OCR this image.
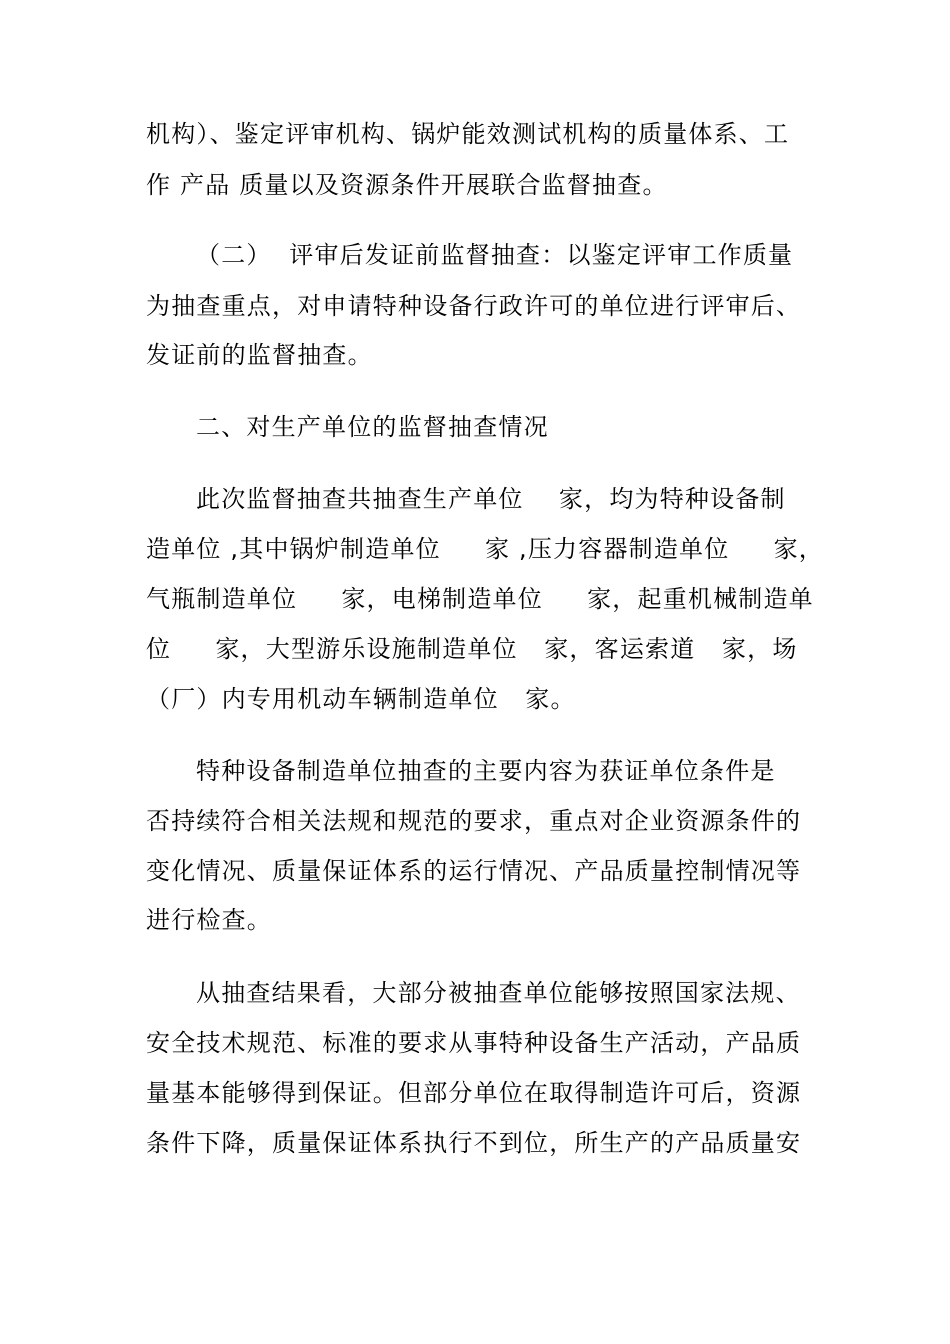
机构）、鉴定评审机构、锅炉能效测试机构的质量体系、工
作 产品 质量以及资源条件开展联合监督抽查。
（二）  评审后发证前监督抽查：以鉴定评审工作质量
为抽查重点，对申请特种设备行政许可的单位进行评审后、
发证前的监督抽查。
二、对生产单位的监督抽查情况
此次监督抽查共抽查生产单位    家，均为特种设备制
造单位 ,其中锅炉制造单位     家 ,压力容器制造单位     家，
气瓶制造单位     家，电梯制造单位     家，起重机械制造单
位     家，大型游乐设施制造单位   家，客运索道   家，场
（厂）内专用机动车辆制造单位   家。
特种设备制造单位抽查的主要内容为获证单位条件是
否持续符合相关法规和规范的要求，重点对企业资源条件的
变化情况、质量保证体系的运行情况、产品质量控制情况等
进行检查。
从抽查结果看，大部分被抽查单位能够按照国家法规、
安全技术规范、标准的要求从事特种设备生产活动，产品质
量基本能够得到保证。但部分单位在取得制造许可后，资源
条件下降，质量保证体系执行不到位，所生产的产品质量安
